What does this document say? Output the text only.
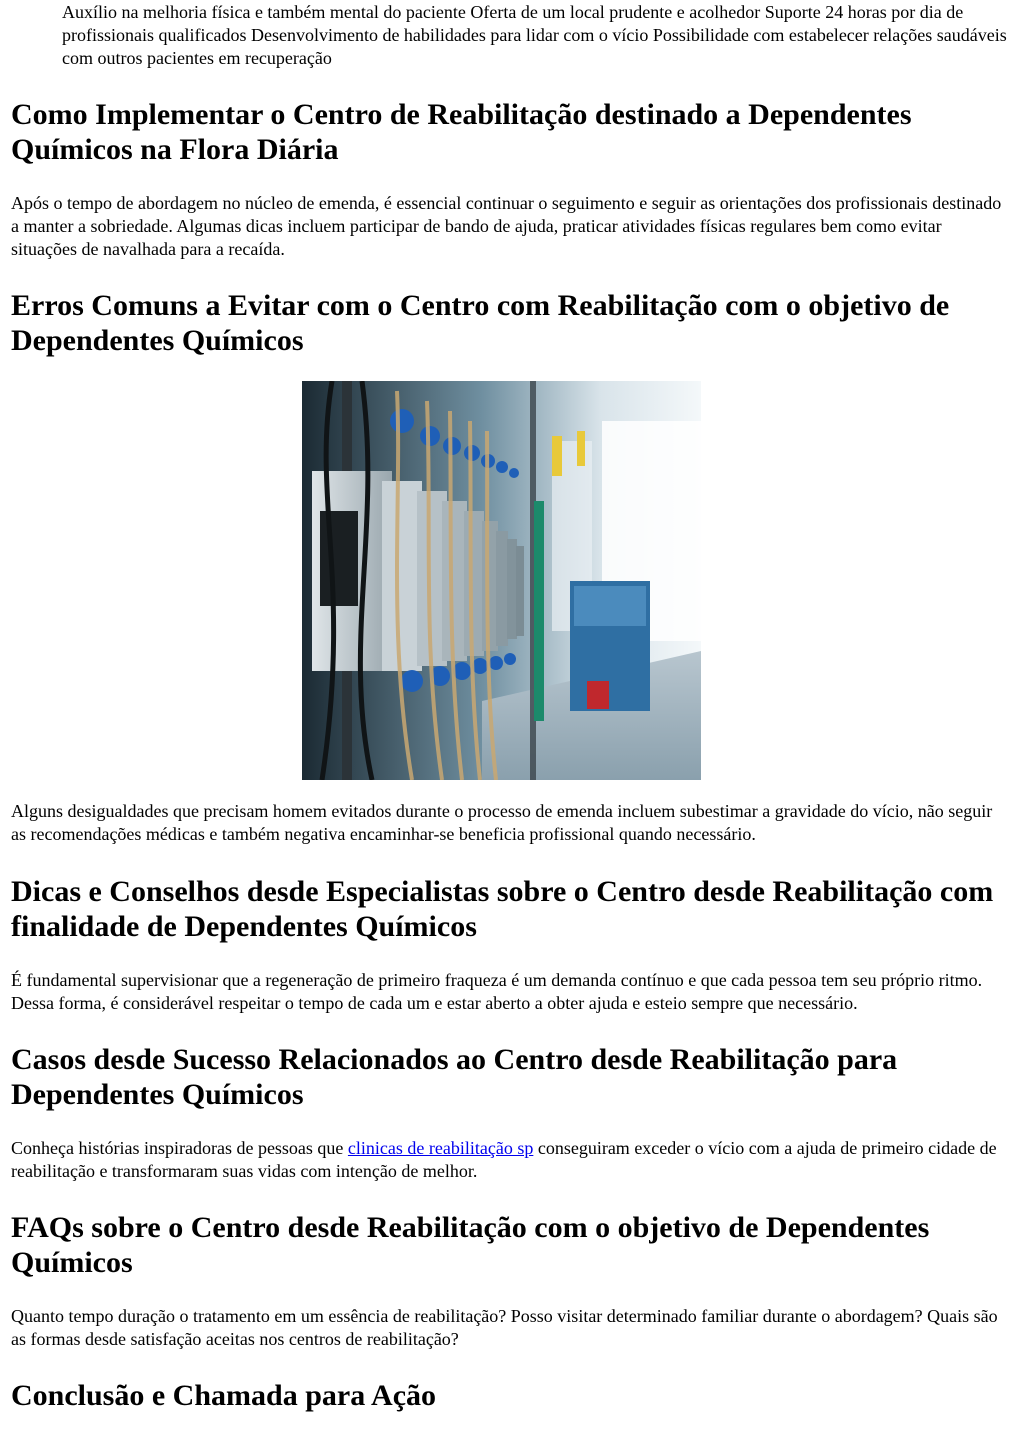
Auxílio na melhoria física e também mental do paciente Oferta de um local prudente e acolhedor Suporte 24 horas por dia de profissionais qualificados Desenvolvimento de habilidades para lidar com o vício Possibilidade com estabelecer relações saudáveis com outros pacientes em recuperação

Como Implementar o Centro de Reabilitação destinado a Dependentes Químicos na Flora Diária

Após o tempo de abordagem no núcleo de emenda, é essencial continuar o seguimento e seguir as orientações dos profissionais destinado a manter a sobriedade. Algumas dicas incluem participar de bando de ajuda, praticar atividades físicas regulares bem como evitar situações de navalhada para a recaída.

Erros Comuns a Evitar com o Centro com Reabilitação com o objetivo de Dependentes Químicos

Alguns desigualdades que precisam homem evitados durante o processo de emenda incluem subestimar a gravidade do vício, não seguir as recomendações médicas e também negativa encaminhar-se beneficia profissional quando necessário.

Dicas e Conselhos desde Especialistas sobre o Centro desde Reabilitação com finalidade de Dependentes Químicos

É fundamental supervisionar que a regeneração de primeiro fraqueza é um demanda contínuo e que cada pessoa tem seu próprio ritmo. Dessa forma, é considerável respeitar o tempo de cada um e estar aberto a obter ajuda e esteio sempre que necessário.

Casos desde Sucesso Relacionados ao Centro desde Reabilitação para Dependentes Químicos

Conheça histórias inspiradoras de pessoas que clinicas de reabilitação sp conseguiram exceder o vício com a ajuda de primeiro cidade de reabilitação e transformaram suas vidas com intenção de melhor.

FAQs sobre o Centro desde Reabilitação com o objetivo de Dependentes Químicos

Quanto tempo duração o tratamento em um essência de reabilitação? Posso visitar determinado familiar durante o abordagem? Quais são as formas desde satisfação aceitas nos centros de reabilitação?

Conclusão e Chamada para Ação
